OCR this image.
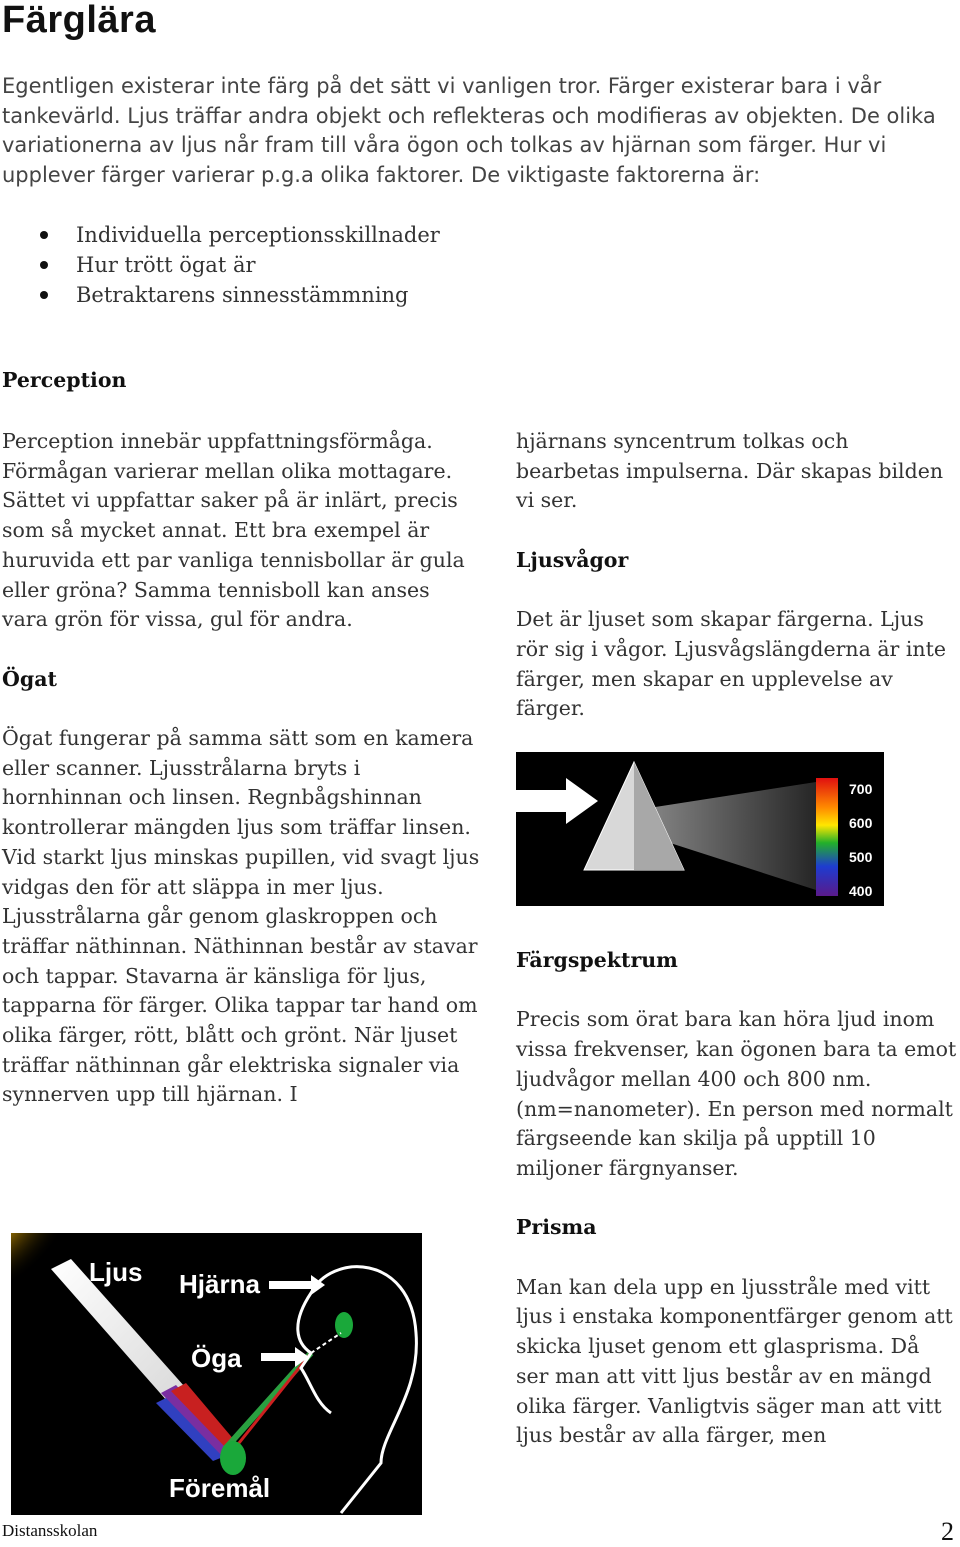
Färglära

Egentligen existerar inte färg på det sätt vi vanligen tror. Färger existerar bara i vår tankevärld. Ljus träffar andra objekt och reflekteras och modifieras av objekten. De olika variationerna av ljus når fram till våra ögon och tolkas av hjärnan som färger. Hur vi upplever färger varierar p.g.a olika faktorer. De viktigaste faktorerna är:

Individuella perceptionsskillnader
Hur trött ögat är
Betraktarens sinnesstämmning
Perception

Perception innebär uppfattningsförmåga. Förmågan varierar mellan olika mottagare. Sättet vi uppfattar saker på är inlärt, precis som så mycket annat. Ett bra exempel är huruvida ett par vanliga tennisbollar är gula eller gröna? Samma tennisboll kan anses vara grön för vissa, gul för andra.

Ögat

Ögat fungerar på samma sätt som en kamera eller scanner. Ljusstrålarna bryts i hornhinnan och linsen. Regnbågshinnan kontrollerar mängden ljus som träffar linsen. Vid starkt ljus minskas pupillen, vid svagt ljus vidgas den för att släppa in mer ljus. Ljusstrålarna går genom glaskroppen och träffar näthinnan. Näthinnan består av stavar och tappar. Stavarna är känsliga för ljus, tapparna för färger. Olika tappar tar hand om olika färger, rött, blått och grönt. När ljuset träffar näthinnan går elektriska signaler via synnerven upp till hjärnan. I

hjärnans syncentrum tolkas och bearbetas impulserna. Där skapas bilden vi ser.

Ljusvågor

Det är ljuset som skapar färgerna. Ljus rör sig i vågor. Ljusvågslängderna är inte färger, men skapar en upplevelse av färger.

Färgspektrum

Precis som örat bara kan höra ljud inom vissa frekvenser, kan ögonen bara ta emot ljudvågor mellan 400 och 800 nm.(nm=nanometer). En person med normalt färgseende kan skilja på upptill 10 miljoner färgnyanser.

Prisma

Man kan dela upp en ljusstråle med vitt ljus i enstaka komponentfärger genom att skicka ljuset genom ett glasprisma. Då ser man att vitt ljus består av en mängd olika färger. Vanligtvis säger man att vitt ljus består av alla färger, men

700
600
500
400
Ljus Hjärna
Öga
Föremål
Distansskolan	2
